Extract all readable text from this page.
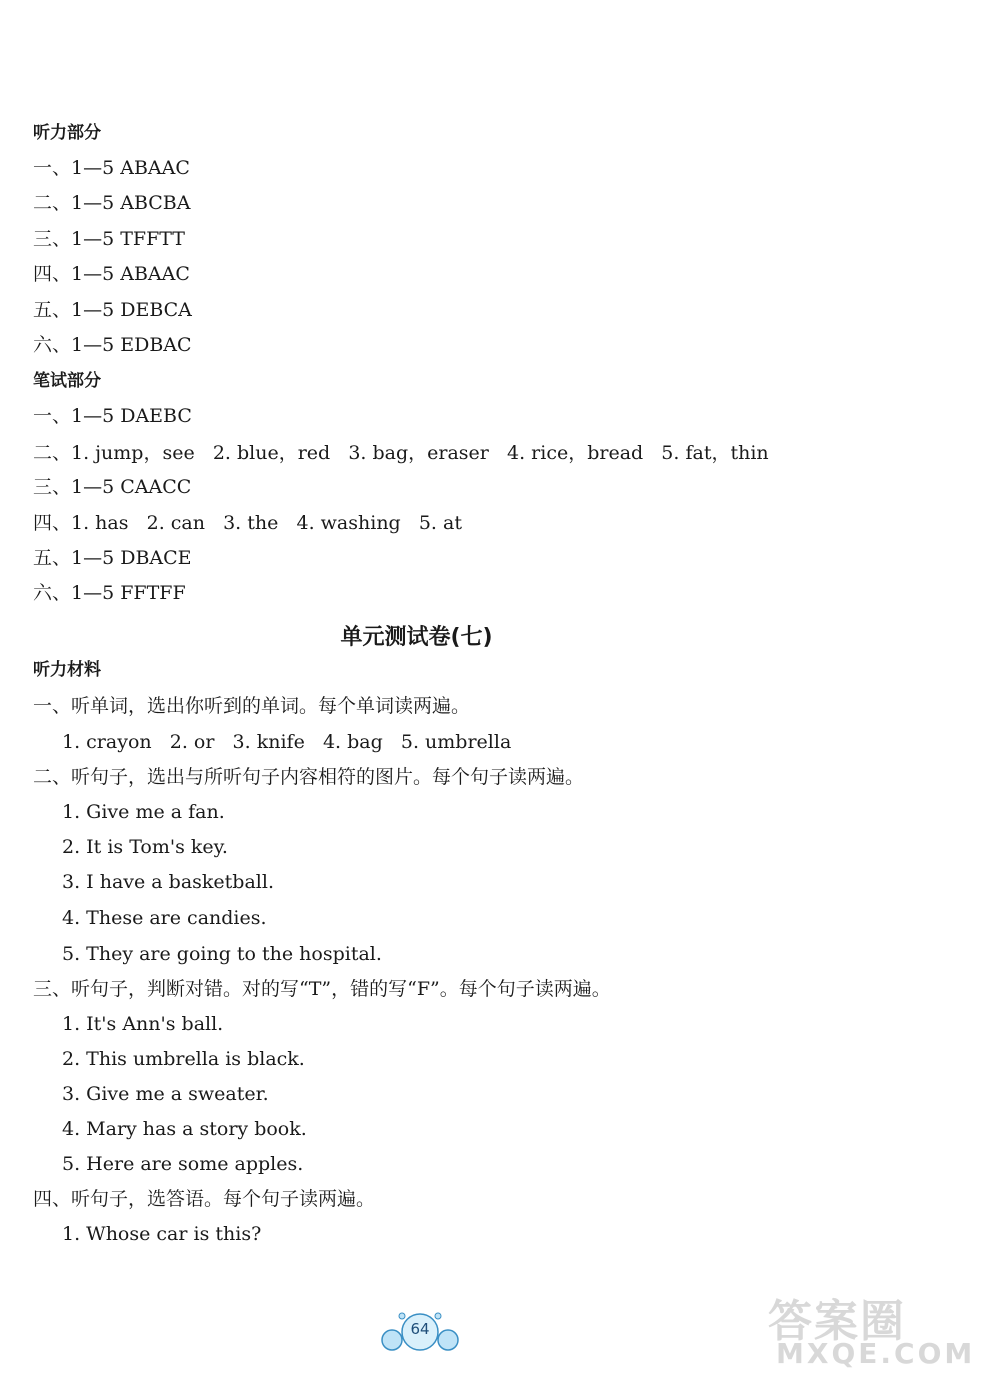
听力部分
一、1—5 ABAAC
二、1—5 ABCBA
三、1—5 TFFTT
四、1—5 ABAAC
五、1—5 DEBCA
六、1—5 EDBAC
笔试部分
一、1—5 DAEBC
二、1. jump，see   2. blue，red   3. bag，eraser   4. rice，bread   5. fat，thin
三、1—5 CAACC
四、1. has   2. can   3. the   4. washing   5. at
五、1—5 DBACE
六、1—5 FFTFF
单元测试卷(七)
听力材料
一、听单词，选出你听到的单词。每个单词读两遍。
1. crayon   2. or   3. knife   4. bag   5. umbrella
二、听句子，选出与所听句子内容相符的图片。每个句子读两遍。
1. Give me a fan.
2. It is Tom's key.
3. I have a basketball.
4. These are candies.
5. They are going to the hospital.
三、听句子，判断对错。对的写“T”，错的写“F”。每个句子读两遍。
1. It's Ann's ball.
2. This umbrella is black.
3. Give me a sweater.
4. Mary has a story book.
5. Here are some apples.
四、听句子，选答语。每个句子读两遍。
1. Whose car is this?
64	答案圈
MXQE.COM
